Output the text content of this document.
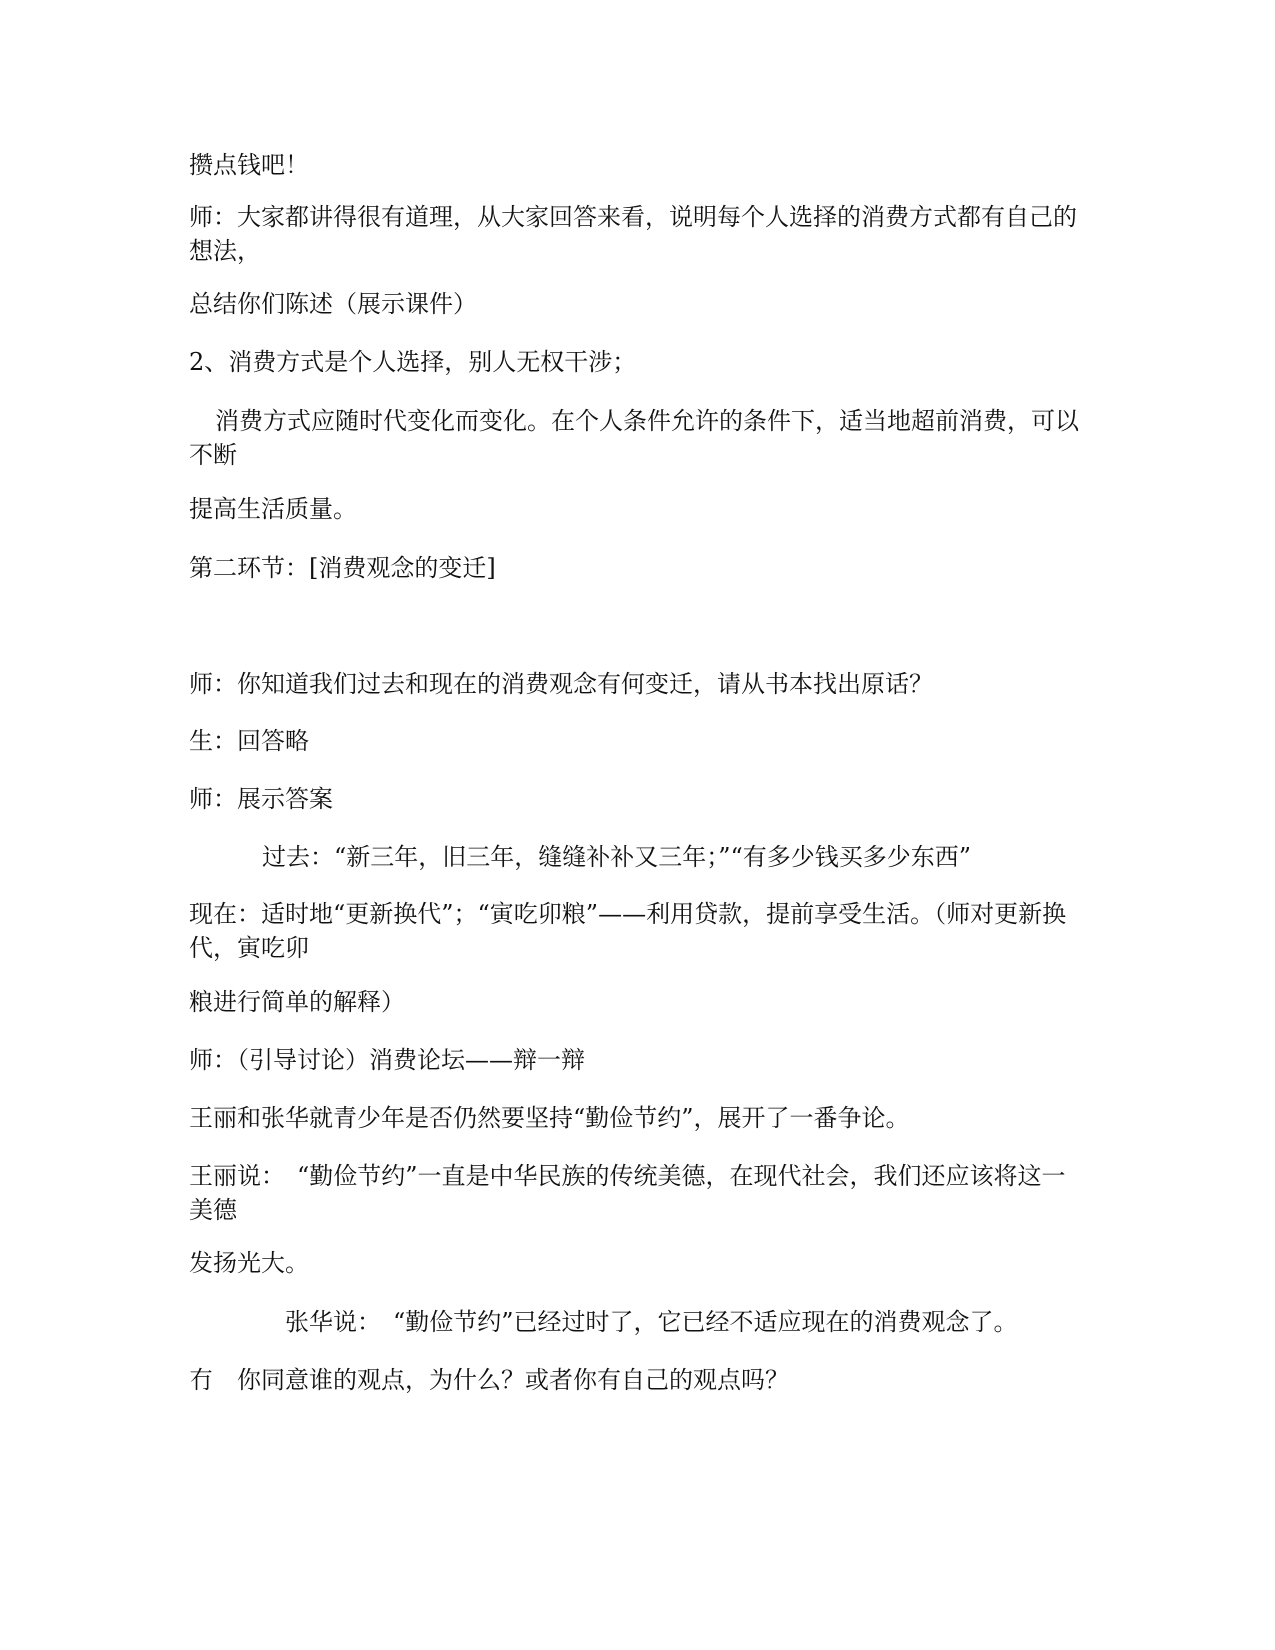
攒点钱吧！
师：大家都讲得很有道理，从大家回答来看，说明每个人选择的消费方式都有自己的想法，
总结你们陈述（展示课件）
2、消费方式是个人选择，别人无权干涉；
消费方式应随时代变化而变化。在个人条件允许的条件下，适当地超前消费，可以不断
提高生活质量。
第二环节：[消费观念的变迁]
师：你知道我们过去和现在的消费观念有何变迁，请从书本找出原话？
生：回答略
师：展示答案
过去：“新三年，旧三年，缝缝补补又三年；”“有多少钱买多少东西”
现在：适时地“更新换代”；“寅吃卯粮”——利用贷款，提前享受生活。（师对更新换代，寅吃卯
粮进行简单的解释）
师：（引导讨论）消费论坛——辩一辩
王丽和张华就青少年是否仍然要坚持“勤俭节约”，展开了一番争论。
王丽说：　“勤俭节约”一直是中华民族的传统美德，在现代社会，我们还应该将这一美德
发扬光大。
张华说：　“勤俭节约”已经过时了，它已经不适应现在的消费观念了。
冇　你同意谁的观点，为什么？或者你有自己的观点吗？
